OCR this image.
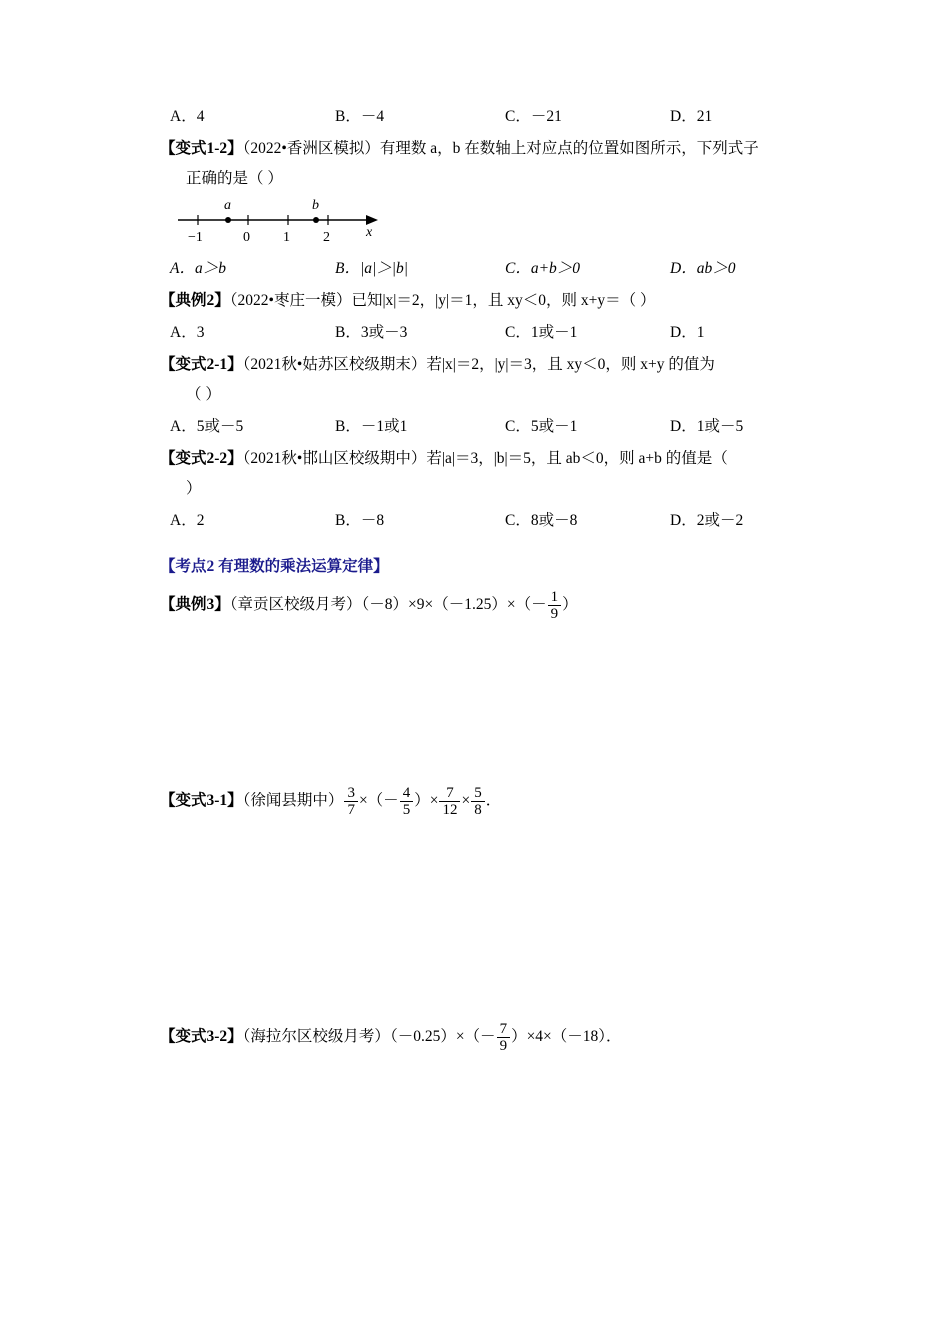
A．4	B．－4	C．－21	D．21
【变式1-2】（2022•香洲区模拟）有理数 a，b 在数轴上对应点的位置如图所示，下列式子
正确的是（ ）
a	b
−1	0 1 2	x
A．a＞b	B．|a|＞|b|	C．a+b＞0	D．ab＞0
【典例2】（2022•枣庄一模）已知|x|＝2，|y|＝1，且 xy＜0，则 x+y＝（ ）
A．3	B．3或－3	C．1或－1	D．1
【变式2-1】（2021秋•姑苏区校级期末）若|x|＝2，|y|＝3，且 xy＜0，则 x+y 的值为
（ ）
A．5或－5	B．－1或1	C．5或－1	D．1或－5
【变式2-2】（2021秋•邯山区校级期中）若|a|＝3，|b|＝5，且 ab＜0，则 a+b 的值是（
）
A．2	B．－8	C．8或－8	D．2或－2
【考点2 有理数的乘法运算定律】
【典例3】（章贡区校级月考）$(-8)\times 9\times(-1.25)\times(- \frac{1}{9}$ ）
【变式3-1】（徐闻县期中） $\frac{3}{7}$ ×（－ $\frac{4}{5}$ ）× $\frac{7}{12} \times \frac{5}{8}$ ．
【变式3-2】（海拉尔区校级月考）$(-0.25)\times(- \frac{7}{9} )\times 4\times(-18)$．
